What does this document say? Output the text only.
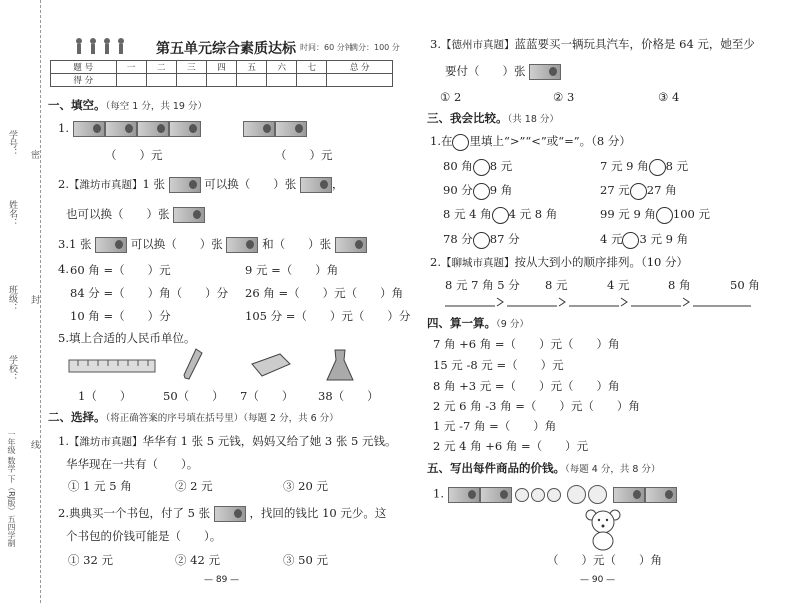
学号：
姓名：
班级：
学校：
密
封
线
一年级 数学 下（RJ版）五四学制
第五单元综合素质达标 时间：60 分钟
满分：100 分
题 号	一	二	三	四	五	六	七	总 分
得 分								
一、填空。（每空 1 分，共 19 分）
1.
（　　）元	（　　）元
2.【潍坊市真题】1 张	可以换（　　）张	，
也可以换（　　）张
3.1 张	可以换（　　）张	和（　　）张
4. 60 角 =（　　）元	9 元 =（　　）角
84 分 =（　　）角（　　）分 26 角 =（　　）元（　　）角
10 角 =（　　）分	105 分 =（　　）元（　　）分
5.填上合适的人民币单位。
1（　　）	50（　　） 7（　　） 38（　　）
二、选择。（将正确答案的序号填在括号里）（每题 2 分，共 6 分）
1.【潍坊市真题】华华有 1 张 5 元钱，妈妈又给了她 3 张 5 元钱。
华华现在一共有（　　）。
① 1 元 5 角	② 2 元	③ 20 元
2.典典买一个书包，付了 5 张	，找回的钱比 10 元少。这
个书包的价钱可能是（　　）。
① 32 元	② 42 元	③ 50 元
— 89 —
3.【德州市真题】蓝蓝要买一辆玩具汽车，价格是 64 元，她至少
要付（　　）张
① 2	② 3	③ 4
三、我会比较。（共 18 分）
1.在 里填上“>”“<”或“=”。（8 分）
80 角 8 元	7 元 9 角 8 元
90 分 9 角	27 元 27 角
8 元 4 角 4 元 8 角	99 元 9 角 100 元
78 分 87 分	4 元 3 元 9 角
2.【聊城市真题】按从大到小的顺序排列。（10 分）
8 元 7 角 5 分 8 元	4 元	8 角	50 角
四、算一算。（9 分）
7 角 +6 角 =（　　）元（　　）角
15 元 -8 元 =（　　）元
8 角 +3 元 =（　　）元（　　）角
2 元 6 角 -3 角 =（　　）元（　　）角
1 元 -7 角 =（　　）角
2 元 4 角 +6 角 =（　　）元
五、写出每件商品的价钱。（每题 4 分，共 8 分）
1.
（　　）元（　　）角
— 90 —
